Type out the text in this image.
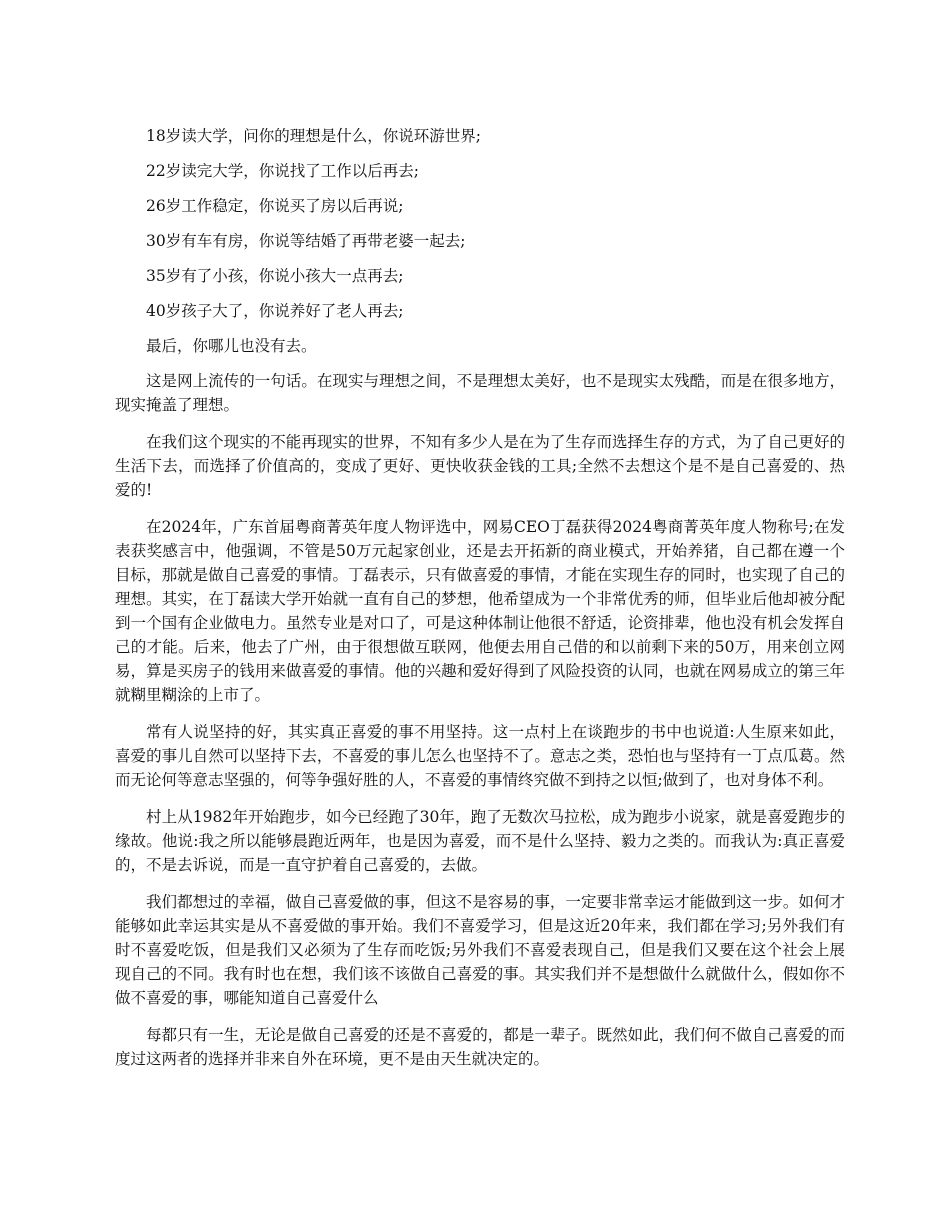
18岁读大学，问你的理想是什么，你说环游世界;

22岁读完大学，你说找了工作以后再去;

26岁工作稳定，你说买了房以后再说;

30岁有车有房，你说等结婚了再带老婆一起去;

35岁有了小孩，你说小孩大一点再去;

40岁孩子大了，你说养好了老人再去;

最后，你哪儿也没有去。

这是网上流传的一句话。在现实与理想之间，不是理想太美好，也不是现实太残酷，而是在很多地方，现实掩盖了理想。

在我们这个现实的不能再现实的世界，不知有多少人是在为了生存而选择生存的方式，为了自己更好的生活下去，而选择了价值高的，变成了更好、更快收获金钱的工具;全然不去想这个是不是自己喜爱的、热爱的!

在2024年，广东首届粤商菁英年度人物评选中，网易CEO丁磊获得2024粤商菁英年度人物称号;在发表获奖感言中，他强调，不管是50万元起家创业，还是去开拓新的商业模式，开始养猪，自己都在遵一个目标，那就是做自己喜爱的事情。丁磊表示，只有做喜爱的事情，才能在实现生存的同时，也实现了自己的理想。其实，在丁磊读大学开始就一直有自己的梦想，他希望成为一个非常优秀的师，但毕业后他却被分配到一个国有企业做电力。虽然专业是对口了，可是这种体制让他很不舒适，论资排辈，他也没有机会发挥自己的才能。后来，他去了广州，由于很想做互联网，他便去用自己借的和以前剩下来的50万，用来创立网易，算是买房子的钱用来做喜爱的事情。他的兴趣和爱好得到了风险投资的认同，也就在网易成立的第三年就糊里糊涂的上市了。

常有人说坚持的好，其实真正喜爱的事不用坚持。这一点村上在谈跑步的书中也说道:人生原来如此，喜爱的事儿自然可以坚持下去，不喜爱的事儿怎么也坚持不了。意志之类，恐怕也与坚持有一丁点瓜葛。然而无论何等意志坚强的，何等争强好胜的人，不喜爱的事情终究做不到持之以恒;做到了，也对身体不利。

村上从1982年开始跑步，如今已经跑了30年，跑了无数次马拉松，成为跑步小说家，就是喜爱跑步的缘故。他说:我之所以能够晨跑近两年，也是因为喜爱，而不是什么坚持、毅力之类的。而我认为:真正喜爱的，不是去诉说，而是一直守护着自己喜爱的，去做。

我们都想过的幸福，做自己喜爱做的事，但这不是容易的事，一定要非常幸运才能做到这一步。如何才能够如此幸运其实是从不喜爱做的事开始。我们不喜爱学习，但是这近20年来，我们都在学习;另外我们有时不喜爱吃饭，但是我们又必须为了生存而吃饭;另外我们不喜爱表现自己，但是我们又要在这个社会上展现自己的不同。我有时也在想，我们该不该做自己喜爱的事。其实我们并不是想做什么就做什么，假如你不做不喜爱的事，哪能知道自己喜爱什么

每都只有一生，无论是做自己喜爱的还是不喜爱的，都是一辈子。既然如此，我们何不做自己喜爱的而度过这两者的选择并非来自外在环境，更不是由天生就决定的。
